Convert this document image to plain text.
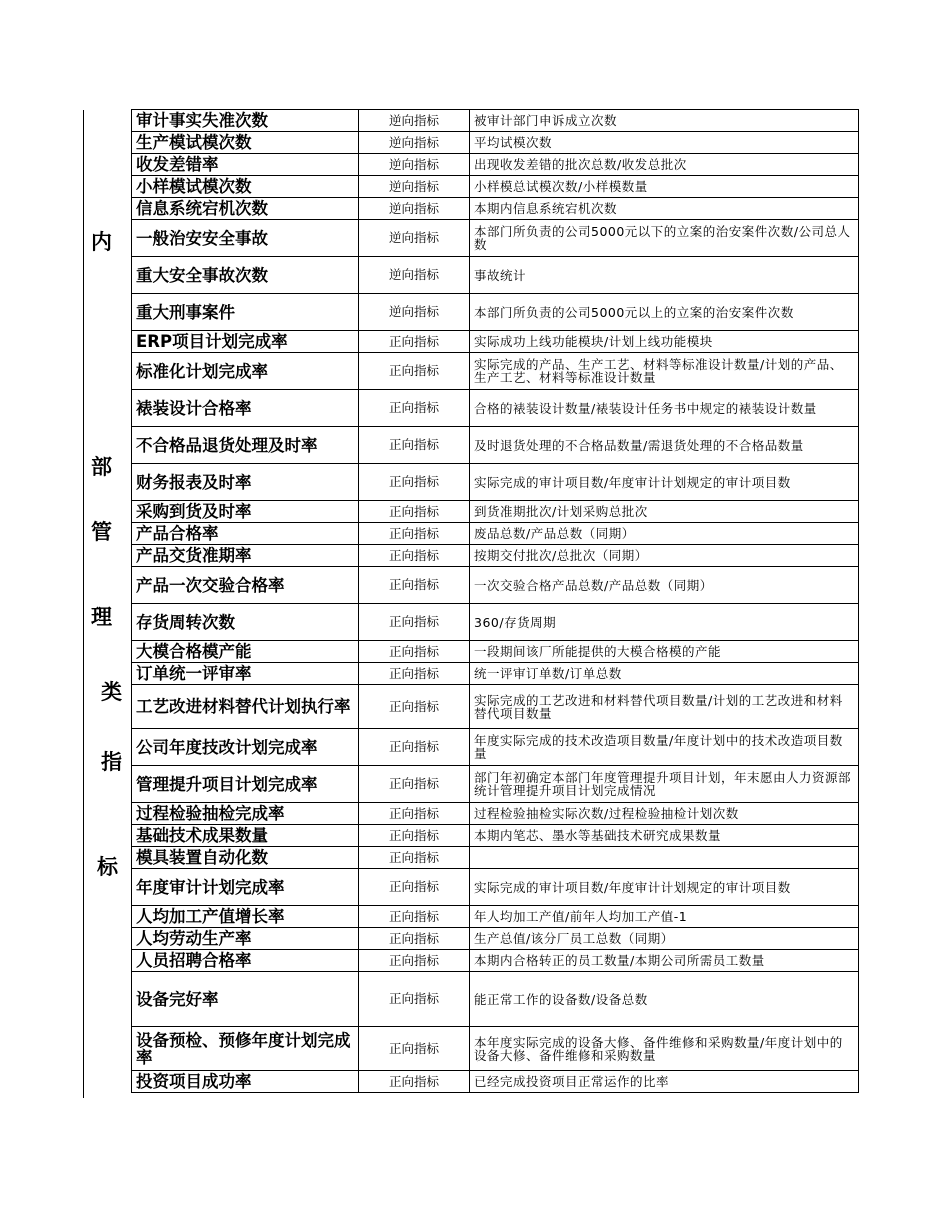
内
部
管
理
类
指
标
审计事实失准次数	逆向指标	被审计部门申诉成立次数
生产模试模次数	逆向指标	平均试模次数
收发差错率	逆向指标	出现收发差错的批次总数/收发总批次
小样模试模次数	逆向指标	小样模总试模次数/小样模数量
信息系统宕机次数	逆向指标	本期内信息系统宕机次数
一般治安安全事故	逆向指标	本部门所负责的公司5000元以下的立案的治安案件次数/公司总人数
重大安全事故次数	逆向指标	事故统计
重大刑事案件	逆向指标	本部门所负责的公司5000元以上的立案的治安案件次数
ERP项目计划完成率	正向指标	实际成功上线功能模块/计划上线功能模块
标准化计划完成率	正向指标	实际完成的产品、生产工艺、材料等标准设计数量/计划的产品、生产工艺、材料等标准设计数量
裱装设计合格率	正向指标	合格的裱装设计数量/裱装设计任务书中规定的裱装设计数量
不合格品退货处理及时率	正向指标	及时退货处理的不合格品数量/需退货处理的不合格品数量
财务报表及时率	正向指标	实际完成的审计项目数/年度审计计划规定的审计项目数
采购到货及时率	正向指标	到货准期批次/计划采购总批次
产品合格率	正向指标	废品总数/产品总数（同期）
产品交货准期率	正向指标	按期交付批次/总批次（同期）
产品一次交验合格率	正向指标	一次交验合格产品总数/产品总数（同期）
存货周转次数	正向指标	360/存货周期
大模合格模产能	正向指标	一段期间该厂所能提供的大模合格模的产能
订单统一评审率	正向指标	统一评审订单数/订单总数
工艺改进材料替代计划执行率	正向指标	实际完成的工艺改进和材料替代项目数量/计划的工艺改进和材料替代项目数量
公司年度技改计划完成率	正向指标	年度实际完成的技术改造项目数量/年度计划中的技术改造项目数量
管理提升项目计划完成率	正向指标	部门年初确定本部门年度管理提升项目计划，年末愿由人力资源部统计管理提升项目计划完成情况
过程检验抽检完成率	正向指标	过程检验抽检实际次数/过程检验抽检计划次数
基础技术成果数量	正向指标	本期内笔芯、墨水等基础技术研究成果数量
模具装置自动化数	正向指标	
年度审计计划完成率	正向指标	实际完成的审计项目数/年度审计计划规定的审计项目数
人均加工产值增长率	正向指标	年人均加工产值/前年人均加工产值-1
人均劳动生产率	正向指标	生产总值/该分厂员工总数（同期）
人员招聘合格率	正向指标	本期内合格转正的员工数量/本期公司所需员工数量
设备完好率	正向指标	能正常工作的设备数/设备总数
设备预检、预修年度计划完成率	正向指标	本年度实际完成的设备大修、备件维修和采购数量/年度计划中的设备大修、备件维修和采购数量
投资项目成功率	正向指标	已经完成投资项目正常运作的比率
